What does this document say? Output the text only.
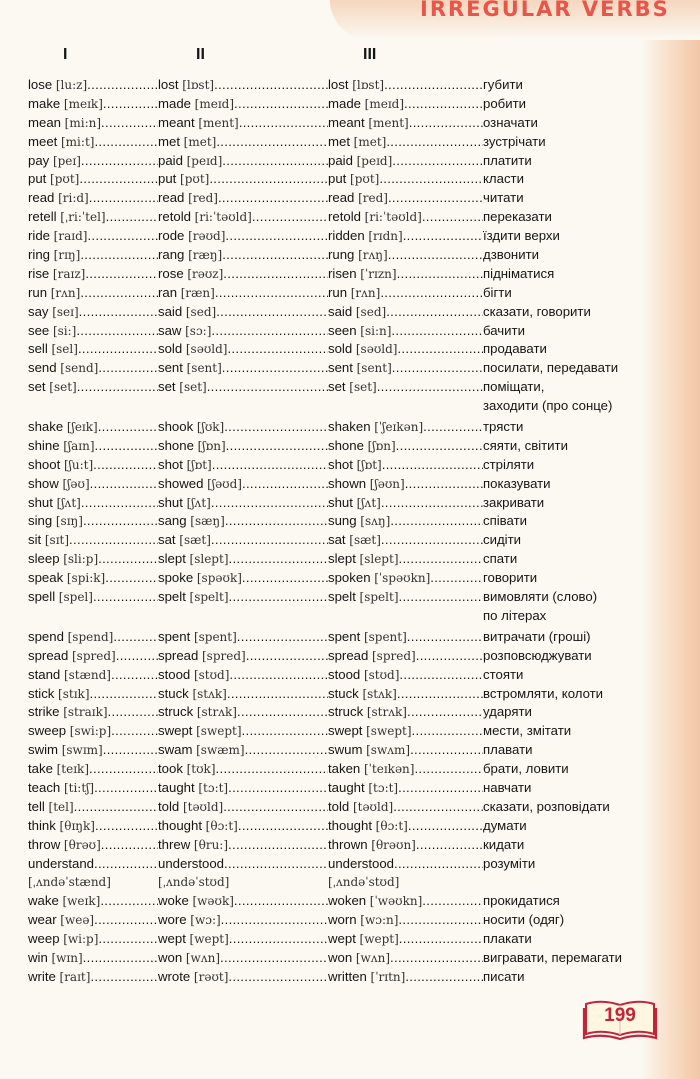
IRREGULAR VERBS
I	II	III
lose [lu:z] .....	lost [lɒst] .....	lost [lɒst] .....	губити
make [meɪk] .....	made [meɪd] .....	made [meɪd] .....	робити
mean [mi:n] .....	meant [ment] .....	meant [ment] .....	означати
meet [mi:t] .....	met [met] .....	met [met] .....	зустрічати
pay [peɪ] .....	paid [peɪd] .....	paid [peɪd] .....	платити
put [pʊt] .....	put [pʊt] .....	put [pʊt] .....	класти
read [ri:d] .....	read [red] .....	read [red] .....	читати
retell [ˌri:ˈtel] .....	retold [ri:ˈtəʊld] .....	retold [ri:ˈtəʊld] .....	переказати
ride [raɪd] .....	rode [rəʊd] .....	ridden [rɪdn] .....	їздити верхи
ring [rɪŋ] .....	rang [ræŋ] .....	rung [rʌŋ] .....	дзвонити
rise [raɪz] .....	rose [rəʊz] .....	risen [ˈrɪzn] .....	підніматися
run [rʌn] .....	ran [ræn] .....	run [rʌn] .....	бігти
say [seɪ] .....	said [sed] .....	said [sed] .....	сказати, говорити
see [si:] .....	saw [sɔ:] .....	seen [si:n] .....	бачити
sell [sel] .....	sold [səʊld] .....	sold [səʊld] .....	продавати
send [send] .....	sent [sent] .....	sent [sent] .....	посилати, передавати
set [set] .....	set [set] .....	set [set] .....	поміщати,
заходити (про сонце)
shake [ʃeɪk] .....	shook [ʃʊk] .....	shaken [ˈʃeɪkən] .....	трясти
shine [ʃaɪn] .....	shone [ʃɒn] .....	shone [ʃɒn] .....	сяяти, світити
shoot [ʃu:t] .....	shot [ʃɒt] .....	shot [ʃɒt] .....	стріляти
show [ʃəʊ] .....	showed [ʃəʊd] .....	shown [ʃəʊn] .....	показувати
shut [ʃʌt] .....	shut [ʃʌt] .....	shut [ʃʌt] .....	закривати
sing [sɪŋ] .....	sang [sæŋ] .....	sung [sʌŋ] .....	співати
sit [sɪt] .....	sat [sæt] .....	sat [sæt] .....	сидіти
sleep [sli:p] .....	slept [slept] .....	slept [slept] .....	спати
speak [spi:k] .....	spoke [spəʊk] .....	spoken [ˈspəʊkn] .....	говорити
spell [spel] .....	spelt [spelt] .....	spelt [spelt] .....	вимовляти (слово)
по літерах
spend [spend] .....	spent [spent] .....	spent [spent] .....	витрачати (гроші)
spread [spred] .....	spread [spred] .....	spread [spred] .....	розповсюджувати
stand [stænd] .....	stood [stʊd] .....	stood [stʊd] .....	стояти
stick [stɪk] .....	stuck [stʌk] .....	stuck [stʌk] .....	встромляти, колоти
strike [straɪk] .....	struck [strʌk] .....	struck [strʌk] .....	ударяти
sweep [swi:p] .....	swept [swept] .....	swept [swept] .....	мести, змітати
swim [swɪm] .....	swam [swæm] .....	swum [swʌm] .....	плавати
take [teɪk] .....	took [tʊk] .....	taken [ˈteɪkən] .....	брати, ловити
teach [ti:tʃ] .....	taught [tɔ:t] .....	taught [tɔ:t] .....	навчати
tell [tel] .....	told [təʊld] .....	told [təʊld] .....	сказати, розповідати
think [θɪŋk] .....	thought [θɔ:t] .....	thought [θɔ:t] .....	думати
throw [θrəʊ] .....	threw [θru:] .....	thrown [θrəʊn] .....	кидати
understand .....	understood .....	understood .....	розуміти
[ˌʌndəˈstænd]	[ˌʌndəˈstʊd]	[ˌʌndəˈstʊd]
wake [weɪk] .....	woke [wəʊk] .....	woken [ˈwəʊkn] .....	прокидатися
wear [weə] .....	wore [wɔ:] .....	worn [wɔ:n] .....	носити (одяг)
weep [wi:p] .....	wept [wept] .....	wept [wept] .....	плакати
win [wɪn] .....	won [wʌn] .....	won [wʌn] .....	вигравати, перемагати
write [raɪt] .....	wrote [rəʊt] .....	written [ˈrɪtn] .....	писати
199
